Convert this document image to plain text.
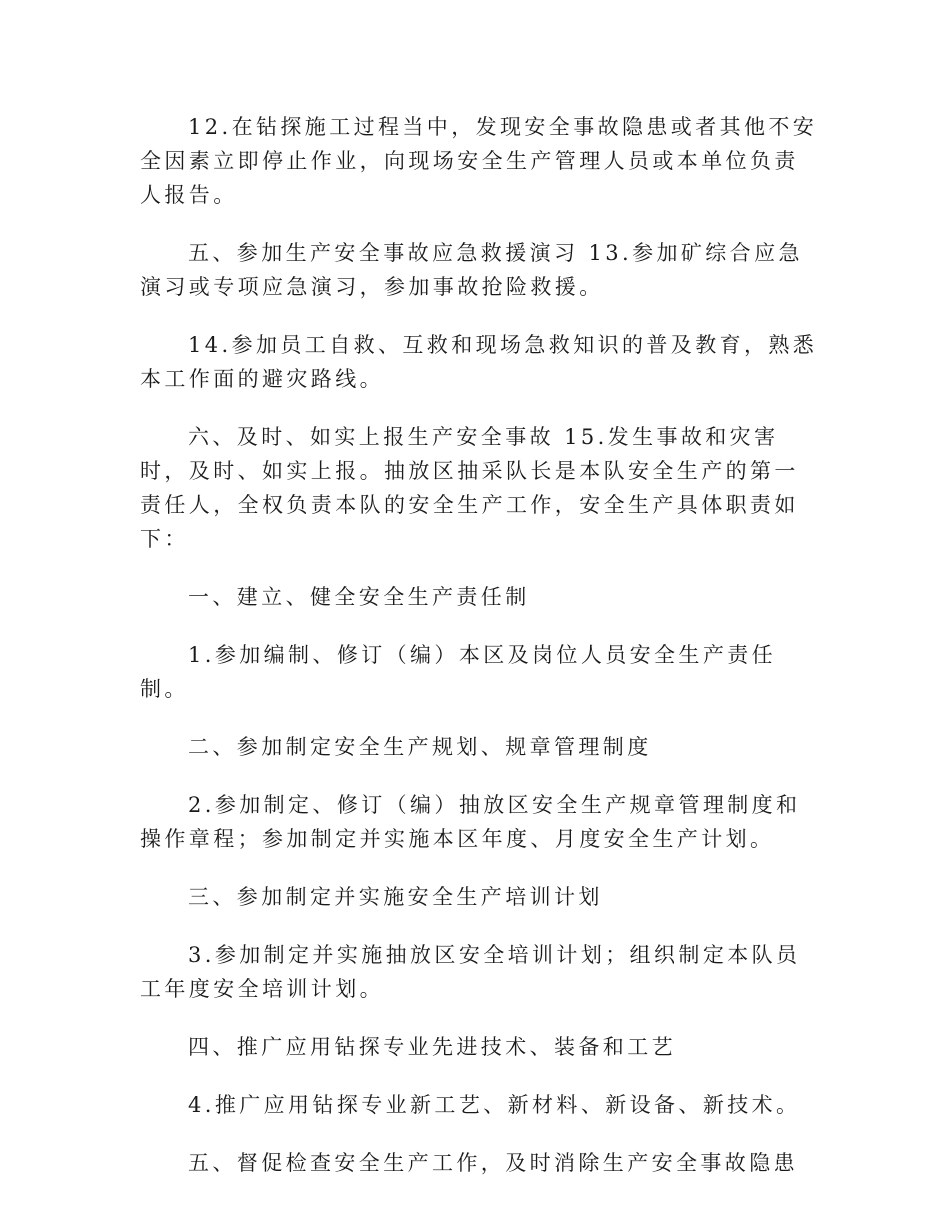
12.在钻探施工过程当中，发现安全事故隐患或者其他不安全因素立即停止作业，向现场安全生产管理人员或本单位负责人报告。

五、参加生产安全事故应急救援演习 13.参加矿综合应急演习或专项应急演习，参加事故抢险救援。

14.参加员工自救、互救和现场急救知识的普及教育，熟悉本工作面的避灾路线。

六、及时、如实上报生产安全事故 15.发生事故和灾害时，及时、如实上报。抽放区抽采队长是本队安全生产的第一责任人，全权负责本队的安全生产工作，安全生产具体职责如下：

一、建立、健全安全生产责任制

1.参加编制、修订（编）本区及岗位人员安全生产责任制。

二、参加制定安全生产规划、规章管理制度

2.参加制定、修订（编）抽放区安全生产规章管理制度和操作章程；参加制定并实施本区年度、月度安全生产计划。

三、参加制定并实施安全生产培训计划

3.参加制定并实施抽放区安全培训计划；组织制定本队员工年度安全培训计划。

四、推广应用钻探专业先进技术、装备和工艺

4.推广应用钻探专业新工艺、新材料、新设备、新技术。

五、督促检查安全生产工作，及时消除生产安全事故隐患
